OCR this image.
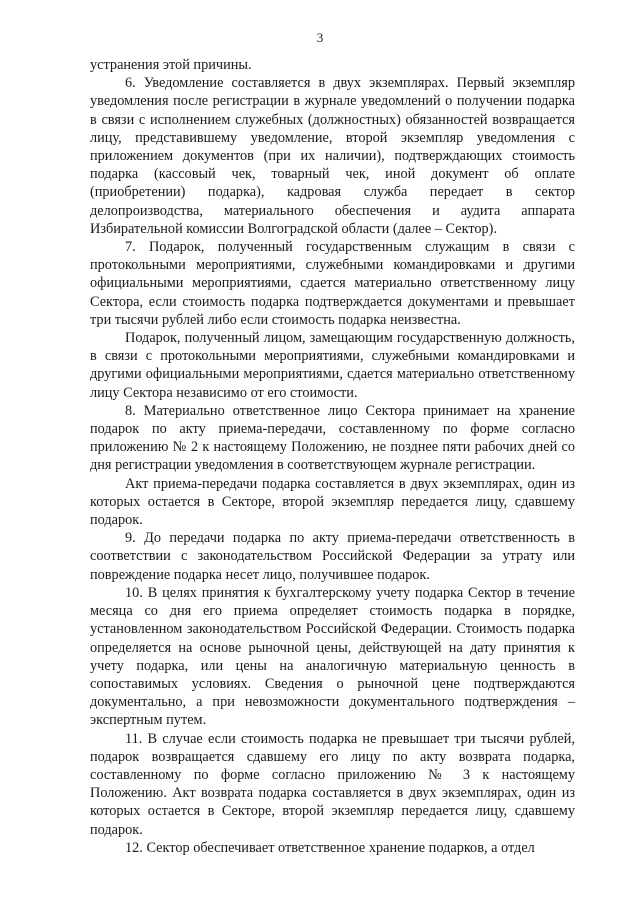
3

устранения этой причины.

6. Уведомление составляется в двух экземплярах. Первый экземпляр уведомления после регистрации в журнале уведомлений о получении подарка в связи с исполнением служебных (должностных) обязанностей возвращается лицу, представившему уведомление, второй экземпляр уведомления с приложением документов (при их наличии), подтверждающих стоимость подарка (кассовый чек, товарный чек, иной документ об оплате (приобретении) подарка), кадровая служба передает в сектор делопроизводства, материального обеспечения и аудита аппарата Избирательной комиссии Волгоградской области (далее – Сектор).

7. Подарок, полученный государственным служащим в связи с протокольными мероприятиями, служебными командировками и другими официальными мероприятиями, сдается материально ответственному лицу Сектора, если стоимость подарка подтверждается документами и превышает три тысячи рублей либо если стоимость подарка неизвестна.

Подарок, полученный лицом, замещающим государственную должность, в связи с протокольными мероприятиями, служебными командировками и другими официальными мероприятиями, сдается материально ответственному лицу Сектора независимо от его стоимости.

8. Материально ответственное лицо Сектора принимает на хранение подарок по акту приема-передачи, составленному по форме согласно приложению № 2 к настоящему Положению, не позднее пяти рабочих дней со дня регистрации уведомления в соответствующем журнале регистрации.

Акт приема-передачи подарка составляется в двух экземплярах, один из которых остается в Секторе, второй экземпляр передается лицу, сдавшему подарок.

9. До передачи подарка по акту приема-передачи ответственность в соответствии с законодательством Российской Федерации за утрату или повреждение подарка несет лицо, получившее подарок.

10. В целях принятия к бухгалтерскому учету подарка Сектор в течение месяца со дня его приема определяет стоимость подарка в порядке, установленном законодательством Российской Федерации. Стоимость подарка определяется на основе рыночной цены, действующей на дату принятия к учету подарка, или цены на аналогичную материальную ценность в сопоставимых условиях. Сведения о рыночной цене подтверждаются документально, а при невозможности документального подтверждения – экспертным путем.

11. В случае если стоимость подарка не превышает три тысячи рублей, подарок возвращается сдавшему его лицу по акту возврата подарка, составленному по форме согласно приложению № 3 к настоящему Положению. Акт возврата подарка составляется в двух экземплярах, один из которых остается в Секторе, второй экземпляр передается лицу, сдавшему подарок.

12. Сектор обеспечивает ответственное хранение подарков, а отдел
